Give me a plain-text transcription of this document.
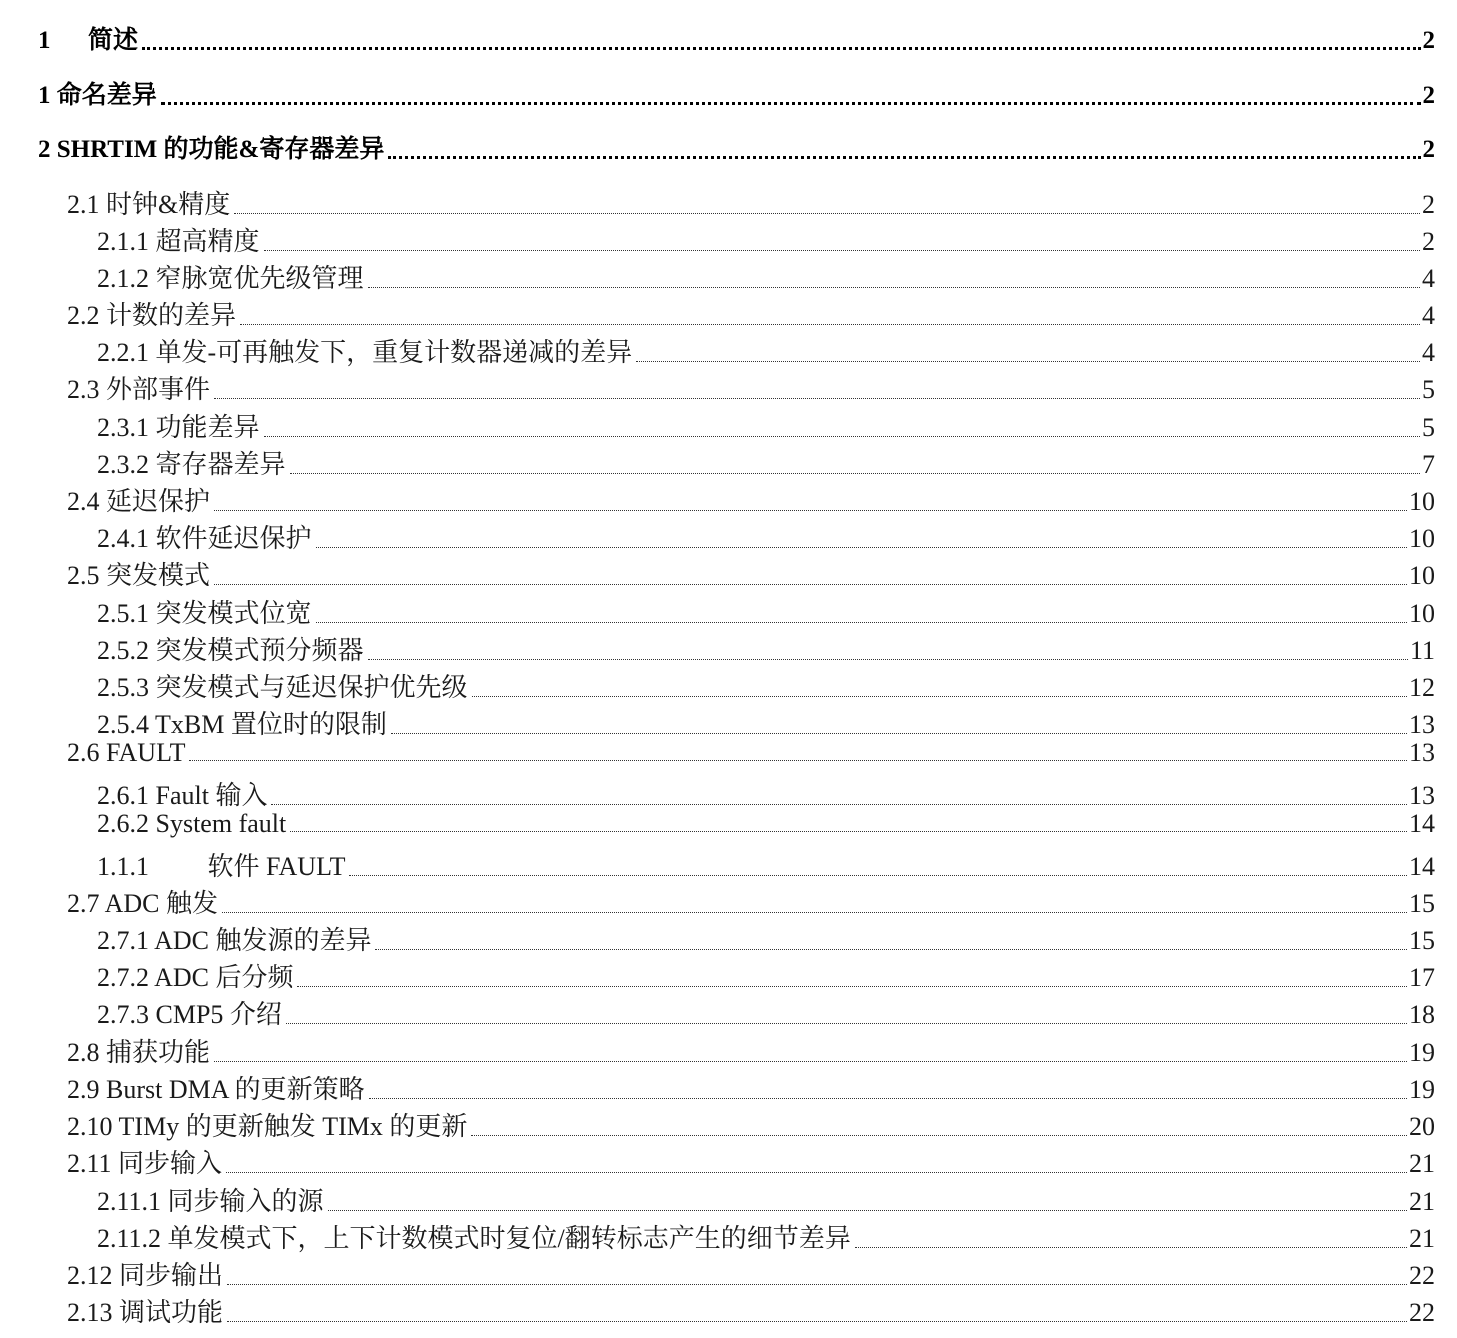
1      简述	2
1 命名差异	2
2 SHRTIM 的功能&寄存器差异	2
2.1 时钟&精度	2
2.1.1 超高精度	2
2.1.2 窄脉宽优先级管理	4
2.2 计数的差异	4
2.2.1 单发-可再触发下，重复计数器递减的差异	4
2.3 外部事件	5
2.3.1 功能差异	5
2.3.2 寄存器差异	7
2.4 延迟保护	10
2.4.1 软件延迟保护	10
2.5 突发模式	10
2.5.1 突发模式位宽	10
2.5.2 突发模式预分频器	11
2.5.3 突发模式与延迟保护优先级	12
2.5.4 TxBM 置位时的限制	13
2.6 FAULT	13
2.6.1 Fault 输入	13
2.6.2 System fault	14
1.1.1         软件 FAULT	14
2.7 ADC 触发	15
2.7.1 ADC 触发源的差异	15
2.7.2 ADC 后分频	17
2.7.3 CMP5 介绍	18
2.8 捕获功能	19
2.9 Burst DMA 的更新策略	19
2.10 TIMy 的更新触发 TIMx 的更新	20
2.11 同步输入	21
2.11.1 同步输入的源	21
2.11.2 单发模式下，上下计数模式时复位/翻转标志产生的细节差异	21
2.12 同步输出	22
2.13 调试功能	22
